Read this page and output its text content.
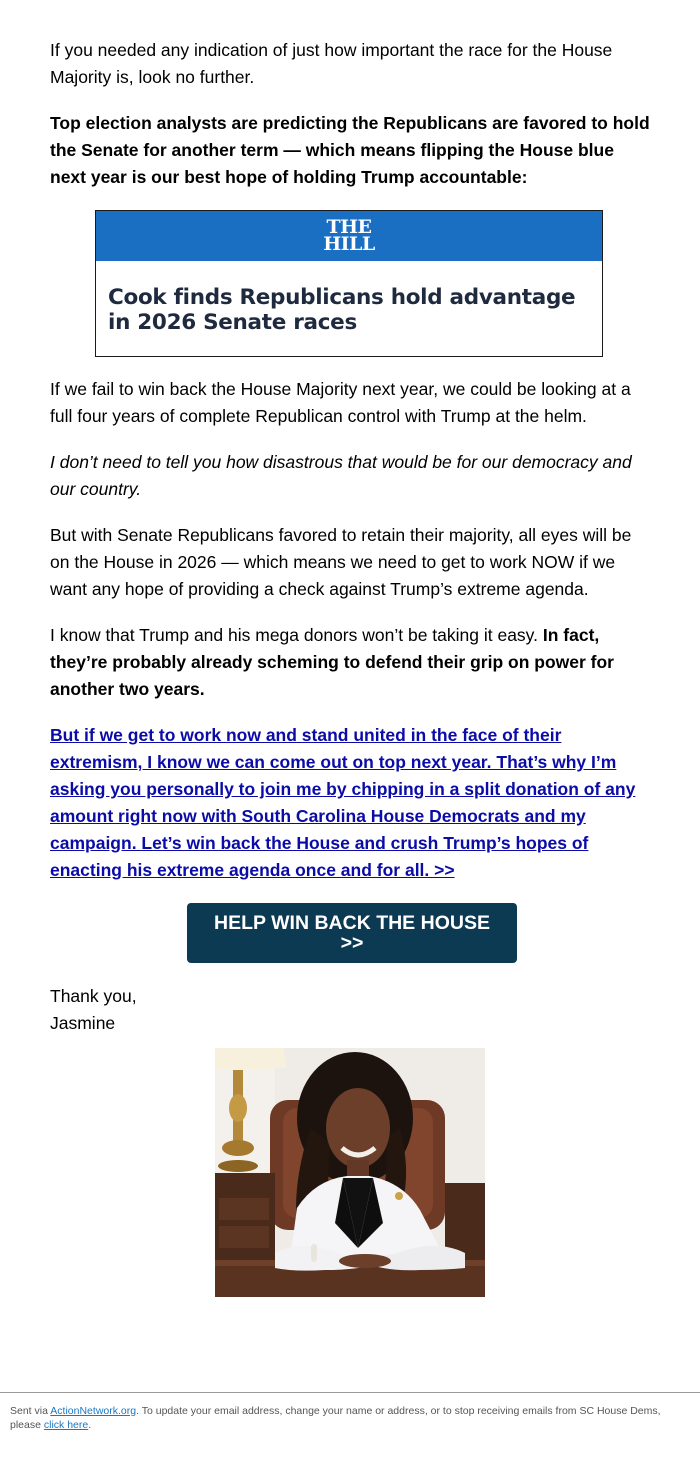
If you needed any indication of just how important the race for the House Majority is, look no further.

Top election analysts are predicting the Republicans are favored to hold the Senate for another term — which means flipping the House blue next year is our best hope of holding Trump accountable:

THE
HILL
Cook finds Republicans hold advantage in 2026 Senate races

If we fail to win back the House Majority next year, we could be looking at a full four years of complete Republican control with Trump at the helm.

I don’t need to tell you how disastrous that would be for our democracy and our country.

But with Senate Republicans favored to retain their majority, all eyes will be on the House in 2026 — which means we need to get to work NOW if we want any hope of providing a check against Trump’s extreme agenda.

I know that Trump and his mega donors won’t be taking it easy. In fact, they’re probably already scheming to defend their grip on power for another two years.

But if we get to work now and stand united in the face of their extremism, I know we can come out on top next year. That’s why I’m asking you personally to join me by chipping in a split donation of any amount right now with South Carolina House Democrats and my campaign. Let’s win back the House and crush Trump’s hopes of enacting his extreme agenda once and for all. >>

HELP WIN BACK THE HOUSE
>>

Thank you,
Jasmine

Sent via ActionNetwork.org. To update your email address, change your name or address, or to stop receiving emails from SC House Dems, please click here.
